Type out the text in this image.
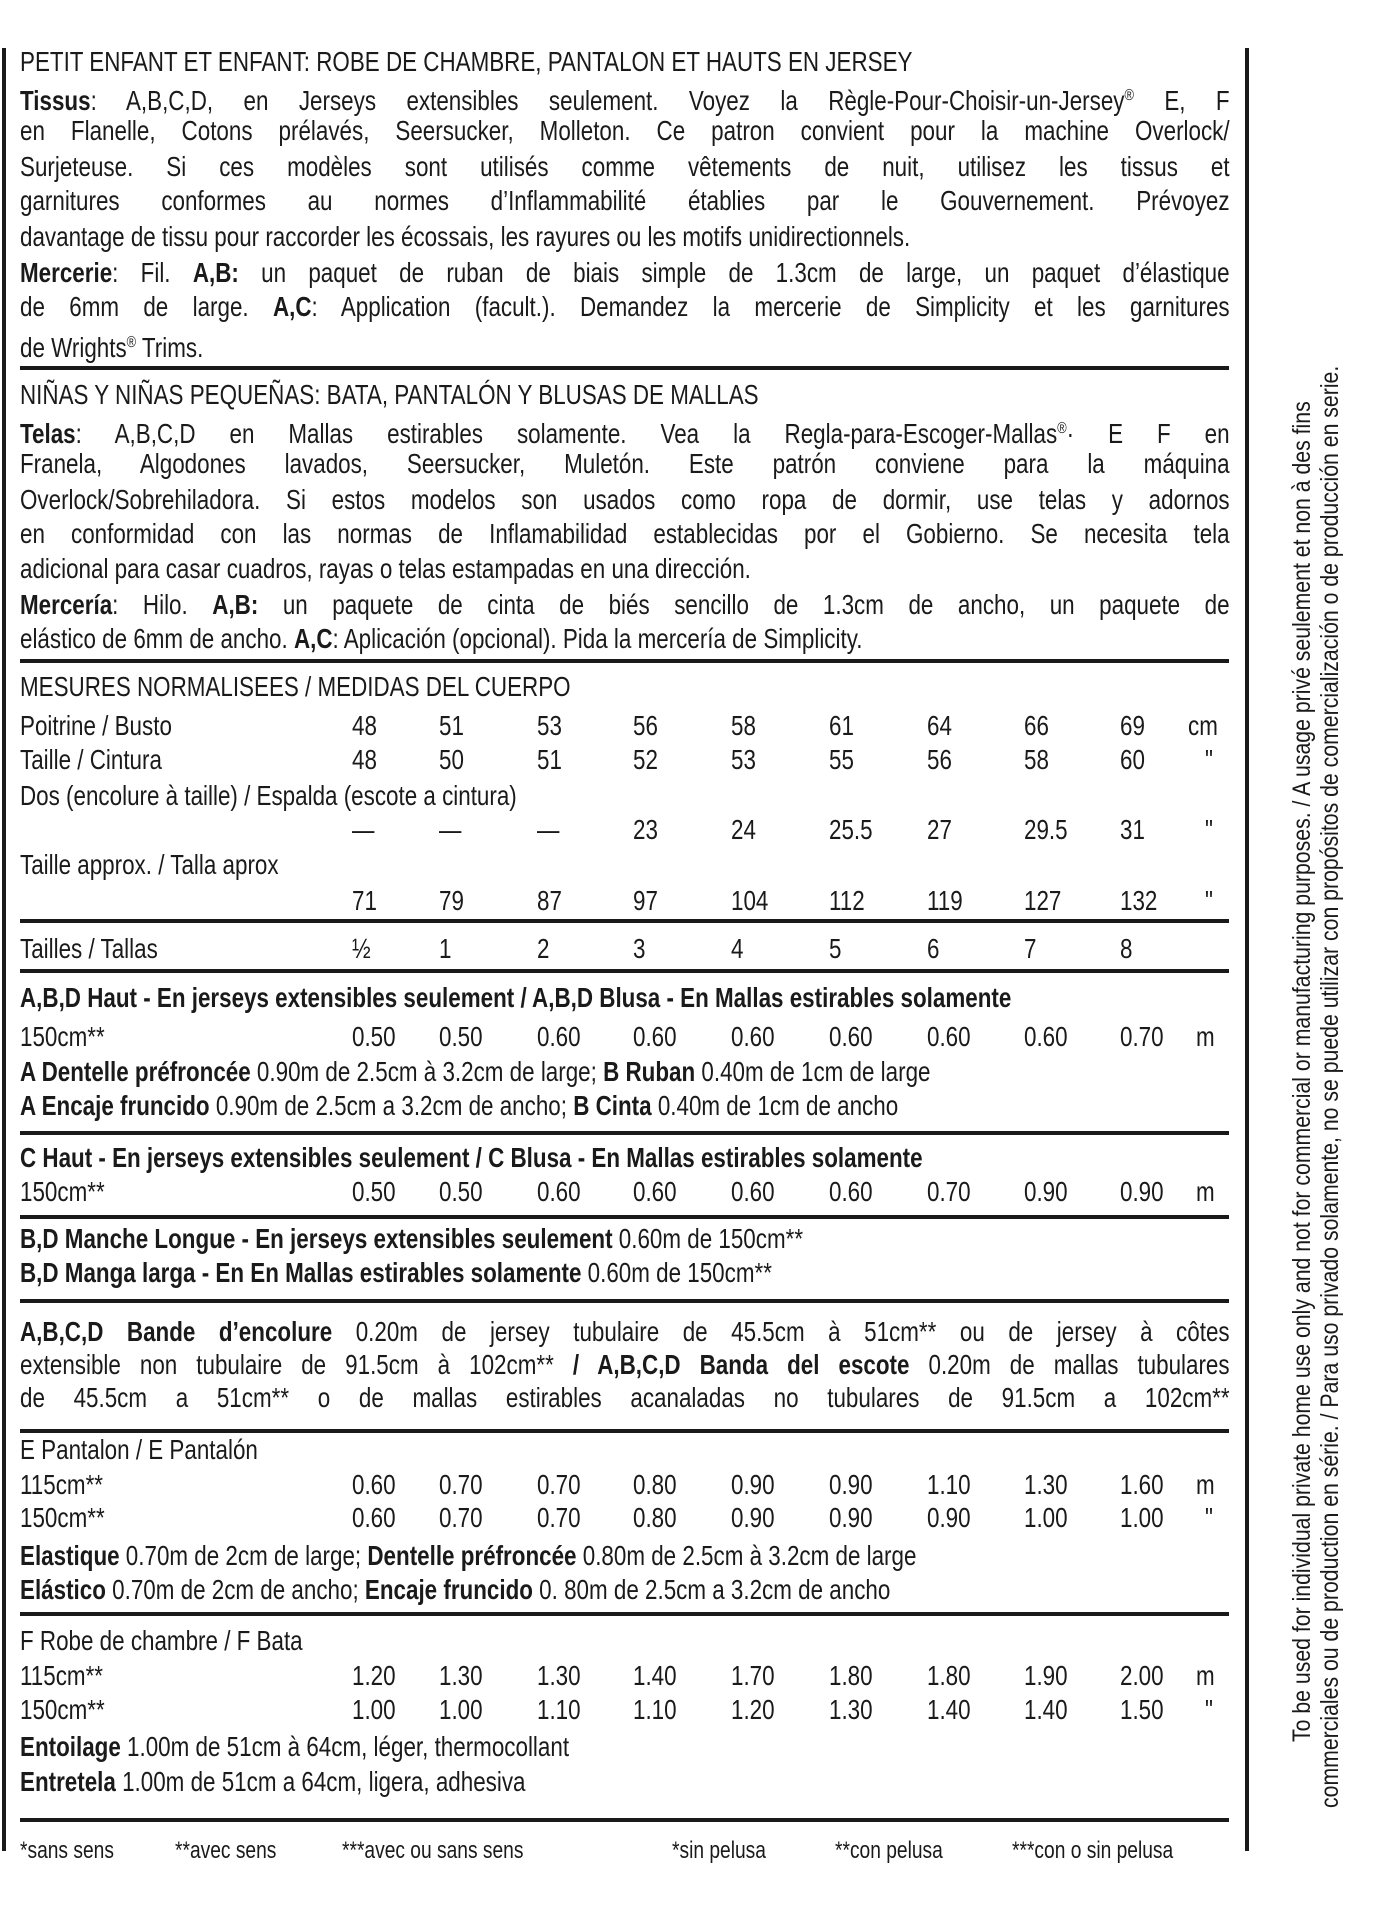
PETIT ENFANT ET ENFANT: ROBE DE CHAMBRE, PANTALON ET HAUTS EN JERSEY
Tissus: A,B,C,D, en Jerseys extensibles seulement. Voyez la Règle-Pour-Choisir-un-Jersey® E, F
en Flanelle, Cotons prélavés, Seersucker, Molleton. Ce patron convient pour la machine Overlock/
Surjeteuse. Si ces modèles sont utilisés comme vêtements de nuit, utilisez les tissus et
garnitures conformes au normes d’Inflammabilité établies par le Gouvernement. Prévoyez
davantage de tissu pour raccorder les écossais, les rayures ou les motifs unidirectionnels.
Mercerie: Fil. A,B: un paquet de ruban de biais simple de 1.3cm de large, un paquet d’élastique
de 6mm de large. A,C: Application (facult.). Demandez la mercerie de Simplicity et les garnitures
de Wrights® Trims.
NIÑAS Y NIÑAS PEQUEÑAS: BATA, PANTALÓN Y BLUSAS DE MALLAS
Telas: A,B,C,D en Mallas estirables solamente. Vea la Regla-para-Escoger-Mallas®· E F en
Franela, Algodones lavados, Seersucker, Muletón. Este patrón conviene para la máquina
Overlock/Sobrehiladora. Si estos modelos son usados como ropa de dormir, use telas y adornos
en conformidad con las normas de Inflamabilidad establecidas por el Gobierno. Se necesita tela
adicional para casar cuadros, rayas o telas estampadas en una dirección.
Mercería: Hilo. A,B: un paquete de cinta de biés sencillo de 1.3cm de ancho, un paquete de
elástico de 6mm de ancho. A,C: Aplicación (opcional). Pida la mercería de Simplicity.
MESURES NORMALISEES / MEDIDAS DEL CUERPO
Poitrine / Busto	48 51	53	56	58	61	64	66	69 cm
Taille / Cintura	48 50	51	52	53	55	56	58	60 "
Dos (encolure à taille) / Espalda (escote a cintura)
— —	—	23	24	25.5 27	29.5 31 "
Taille approx. / Talla aprox
71 79	87	97	104 112 119 127 132 "
Tailles / Tallas	½ 1	2	3	4	5	6	7	8
A,B,D Haut - En jerseys extensibles seulement / A,B,D Blusa - En Mallas estirables solamente
150cm**	0.50 0.50 0.60 0.60 0.60 0.60 0.60 0.60 0.70 m
A Dentelle préfroncée 0.90m de 2.5cm à 3.2cm de large; B Ruban 0.40m de 1cm de large
A Encaje fruncido 0.90m de 2.5cm a 3.2cm de ancho; B Cinta 0.40m de 1cm de ancho
C Haut - En jerseys extensibles seulement / C Blusa - En Mallas estirables solamente
150cm**	0.50 0.50 0.60 0.60 0.60 0.60 0.70 0.90 0.90 m
B,D Manche Longue - En jerseys extensibles seulement 0.60m de 150cm**
B,D Manga larga - En En Mallas estirables solamente 0.60m de 150cm**
A,B,C,D Bande d’encolure 0.20m de jersey tubulaire de 45.5cm à 51cm** ou de jersey à côtes
extensible non tubulaire de 91.5cm à 102cm** / A,B,C,D Banda del escote 0.20m de mallas tubulares
de 45.5cm a 51cm** o de mallas estirables acanaladas no tubulares de 91.5cm a 102cm**
E Pantalon / E Pantalón
115cm**	0.60 0.70 0.70 0.80 0.90 0.90 1.10 1.30 1.60 m
150cm**	0.60 0.70 0.70 0.80 0.90 0.90 0.90 1.00 1.00 "
Elastique 0.70m de 2cm de large; Dentelle préfroncée 0.80m de 2.5cm à 3.2cm de large
Elástico 0.70m de 2cm de ancho; Encaje fruncido 0. 80m de 2.5cm a 3.2cm de ancho
F Robe de chambre / F Bata
115cm**	1.20 1.30 1.30 1.40 1.70 1.80 1.80 1.90 2.00 m
150cm**	1.00 1.00 1.10 1.10 1.20 1.30 1.40 1.40 1.50 "
Entoilage 1.00m de 51cm à 64cm, léger, thermocollant
Entretela 1.00m de 51cm a 64cm, ligera, adhesiva
*sans sens	**avec sens	***avec ou sans sens	*sin pelusa	**con pelusa	***con o sin pelusa
To be used for individual private home use only and not for commercial or manufacturing purposes. / A usage privé seulement et non à des fins commerciales ou de production en série. / Para uso privado solamente, no se puede utilizar con propósitos de comercialización o de producción en serie.
